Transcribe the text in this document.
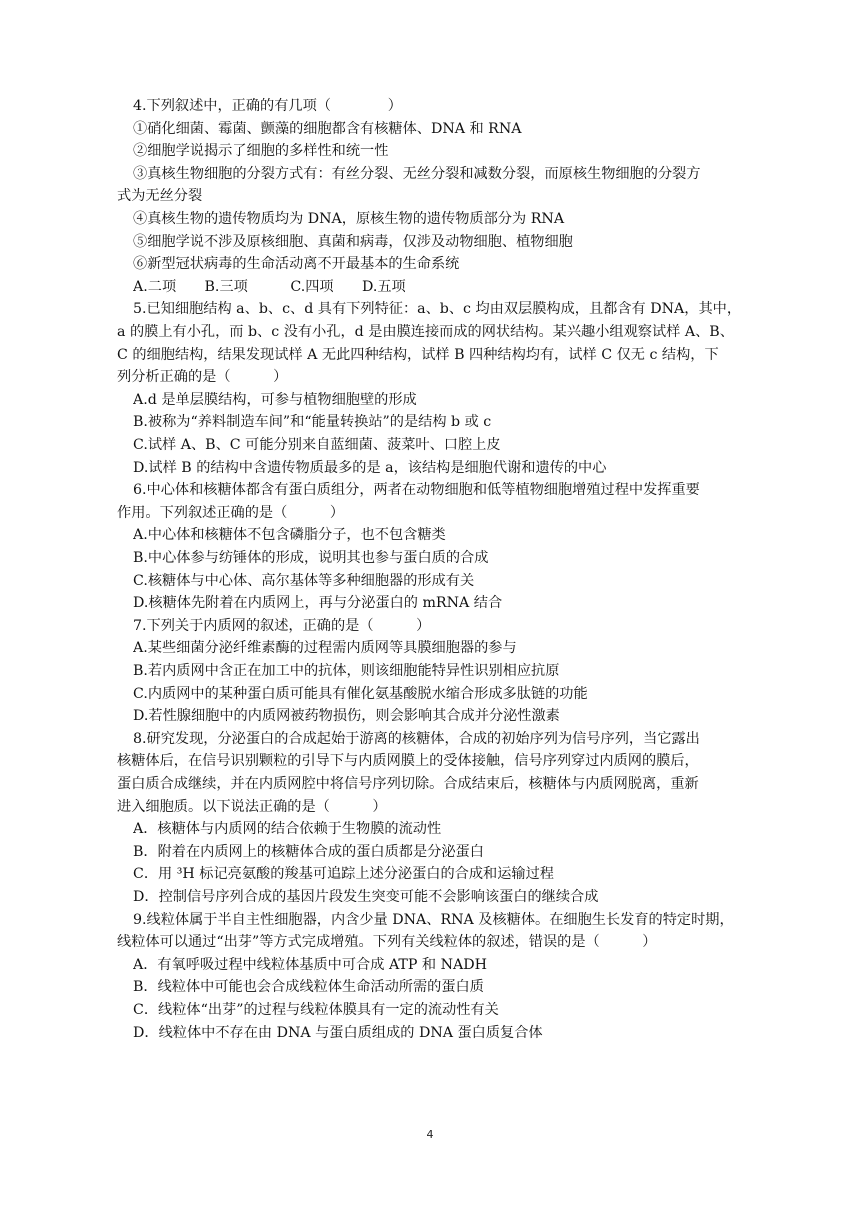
4.下列叙述中，正确的有几项（　　　　）
①硝化细菌、霉菌、颤藻的细胞都含有核糖体、DNA 和 RNA
②细胞学说揭示了细胞的多样性和统一性
③真核生物细胞的分裂方式有：有丝分裂、无丝分裂和减数分裂，而原核生物细胞的分裂方
式为无丝分裂
④真核生物的遗传物质均为 DNA，原核生物的遗传物质部分为 RNA
⑤细胞学说不涉及原核细胞、真菌和病毒，仅涉及动物细胞、植物细胞
⑥新型冠状病毒的生命活动离不开最基本的生命系统
A.二项　　B.三项　　　C.四项　　D.五项
5.已知细胞结构 a、b、c、d 具有下列特征：a、b、c 均由双层膜构成，且都含有 DNA，其中，
a 的膜上有小孔，而 b、c 没有小孔，d 是由膜连接而成的网状结构。某兴趣小组观察试样 A、B、
C 的细胞结构，结果发现试样 A 无此四种结构，试样 B 四种结构均有，试样 C 仅无 c 结构，下
列分析正确的是（　　　）
A.d 是单层膜结构，可参与植物细胞壁的形成
B.被称为“养料制造车间”和“能量转换站”的是结构 b 或 c
C.试样 A、B、C 可能分别来自蓝细菌、菠菜叶、口腔上皮
D.试样 B 的结构中含遗传物质最多的是 a，该结构是细胞代谢和遗传的中心
6.中心体和核糖体都含有蛋白质组分，两者在动物细胞和低等植物细胞增殖过程中发挥重要
作用。下列叙述正确的是（　　　）
A.中心体和核糖体不包含磷脂分子，也不包含糖类
B.中心体参与纺锤体的形成，说明其也参与蛋白质的合成
C.核糖体与中心体、高尔基体等多种细胞器的形成有关
D.核糖体先附着在内质网上，再与分泌蛋白的 mRNA 结合
7.下列关于内质网的叙述，正确的是（　　　）
A.某些细菌分泌纤维素酶的过程需内质网等具膜细胞器的参与
B.若内质网中含正在加工中的抗体，则该细胞能特异性识别相应抗原
C.内质网中的某种蛋白质可能具有催化氨基酸脱水缩合形成多肽链的功能
D.若性腺细胞中的内质网被药物损伤，则会影响其合成并分泌性激素
8.研究发现，分泌蛋白的合成起始于游离的核糖体，合成的初始序列为信号序列，当它露出
核糖体后，在信号识别颗粒的引导下与内质网膜上的受体接触，信号序列穿过内质网的膜后，
蛋白质合成继续，并在内质网腔中将信号序列切除。合成结束后，核糖体与内质网脱离，重新
进入细胞质。以下说法正确的是（　　　）
A．核糖体与内质网的结合依赖于生物膜的流动性
B．附着在内质网上的核糖体合成的蛋白质都是分泌蛋白
C．用 ³H 标记亮氨酸的羧基可追踪上述分泌蛋白的合成和运输过程
D．控制信号序列合成的基因片段发生突变可能不会影响该蛋白的继续合成
9.线粒体属于半自主性细胞器，内含少量 DNA、RNA 及核糖体。在细胞生长发育的特定时期，
线粒体可以通过“出芽”等方式完成增殖。下列有关线粒体的叙述，错误的是（　　　）
A．有氧呼吸过程中线粒体基质中可合成 ATP 和 NADH
B．线粒体中可能也会合成线粒体生命活动所需的蛋白质
C．线粒体“出芽”的过程与线粒体膜具有一定的流动性有关
D．线粒体中不存在由 DNA 与蛋白质组成的 DNA 蛋白质复合体
4
